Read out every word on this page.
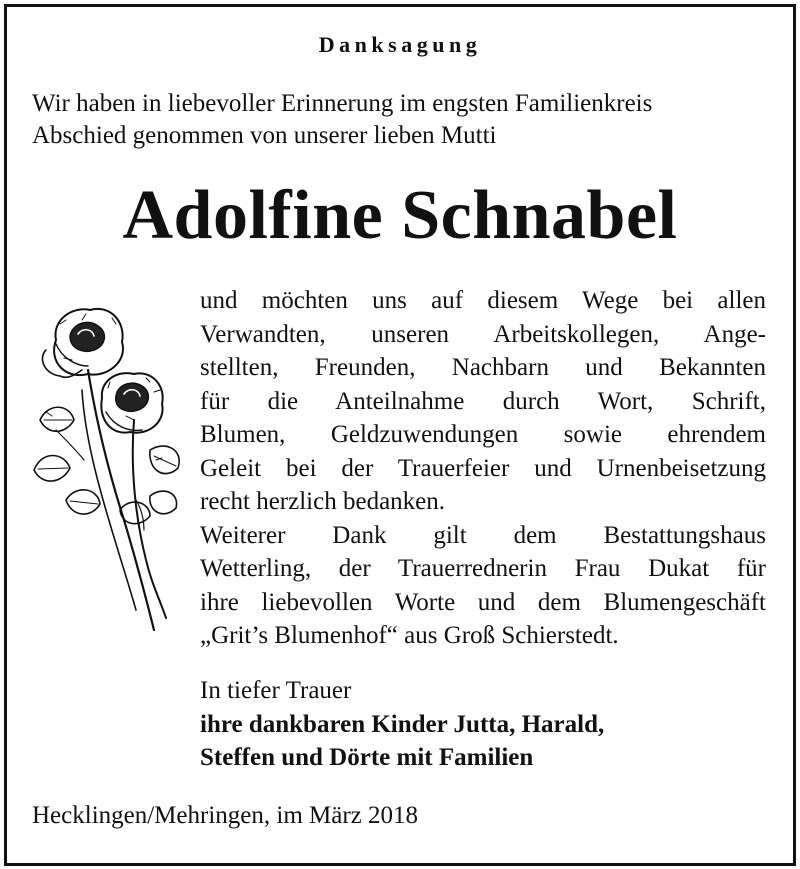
Danksagung

Wir haben in liebevoller Erinnerung im engsten Familienkreis
Abschied genommen von unserer lieben Mutti

Adolfine Schnabel

und möchten uns auf diesem Wege bei allen
Verwandten, unseren Arbeitskollegen, Ange-
stellten, Freunden, Nachbarn und Bekannten
für die Anteilnahme durch Wort, Schrift,
Blumen, Geldzuwendungen sowie ehrendem
Geleit bei der Trauerfeier und Urnenbeisetzung
recht herzlich bedanken.
Weiterer Dank gilt dem Bestattungshaus
Wetterling, der Trauerrednerin Frau Dukat für
ihre liebevollen Worte und dem Blumengeschäft
„Grit’s Blumenhof“ aus Groß Schierstedt.

In tiefer Trauer
ihre dankbaren Kinder Jutta, Harald,
Steffen und Dörte mit Familien

Hecklingen/Mehringen, im März 2018
